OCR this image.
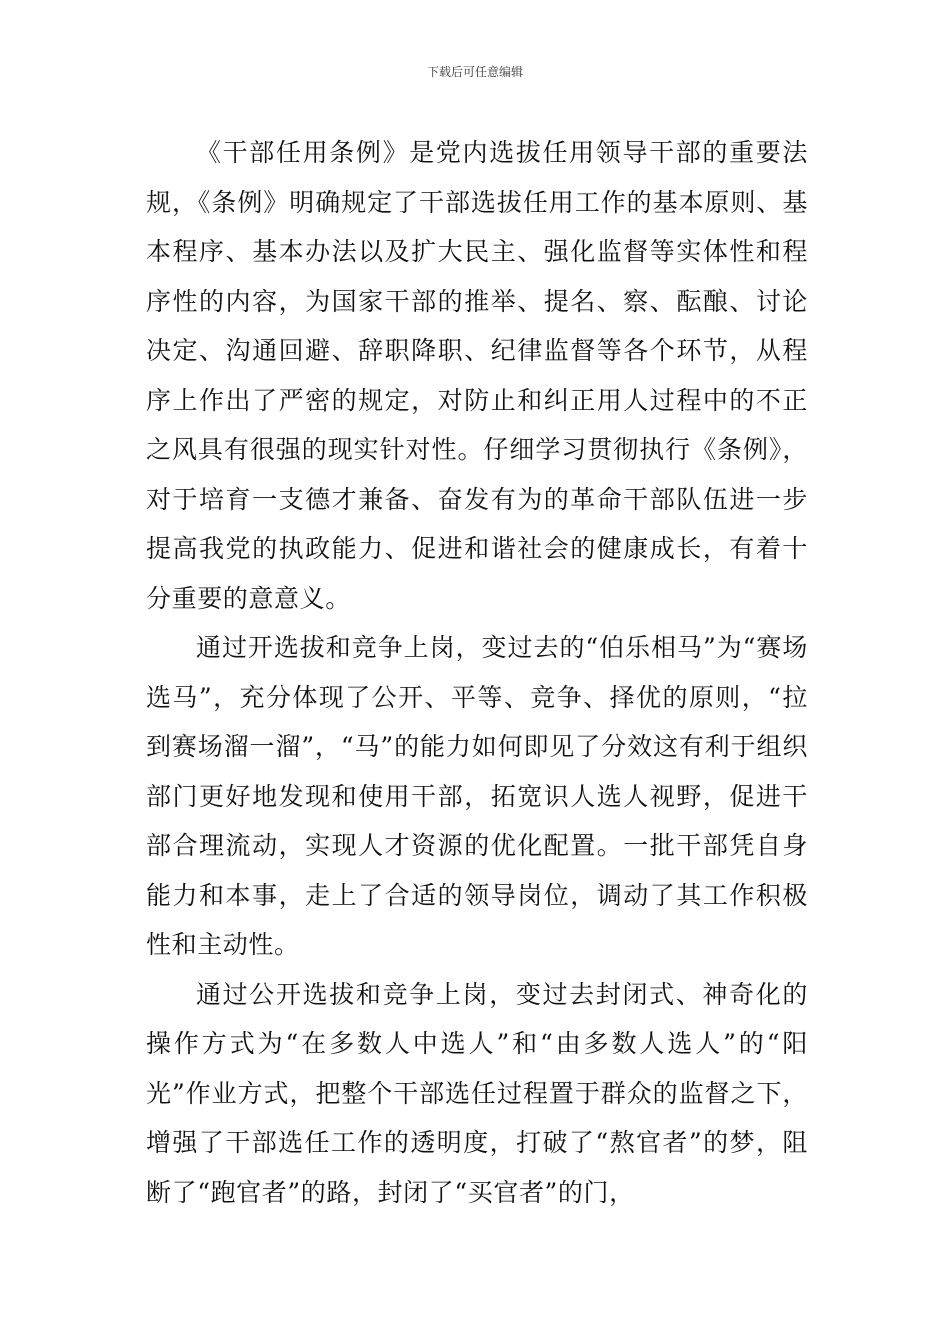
下载后可任意编辑

《干部任用条例》是党内选拔任用领导干部的重要法规，《条例》明确规定了干部选拔任用工作的基本原则、基本程序、基本办法以及扩大民主、强化监督等实体性和程序性的内容，为国家干部的推举、提名、察、酝酿、讨论决定、沟通回避、辞职降职、纪律监督等各个环节，从程序上作出了严密的规定，对防止和纠正用人过程中的不正之风具有很强的现实针对性。仔细学习贯彻执行《条例》，对于培育一支德才兼备、奋发有为的革命干部队伍进一步提高我党的执政能力、促进和谐社会的健康成长，有着十分重要的意意义。

通过开选拔和竞争上岗，变过去的“伯乐相马”为“赛场选马”，充分体现了公开、平等、竞争、择优的原则，“拉到赛场溜一溜”，“马”的能力如何即见了分效这有利于组织部门更好地发现和使用干部，拓宽识人选人视野，促进干部合理流动，实现人才资源的优化配置。一批干部凭自身能力和本事，走上了合适的领导岗位，调动了其工作积极性和主动性。

通过公开选拔和竞争上岗，变过去封闭式、神奇化的操作方式为“在多数人中选人”和“由多数人选人”的“阳光”作业方式，把整个干部选任过程置于群众的监督之下，增强了干部选任工作的透明度，打破了“熬官者”的梦，阻断了“跑官者”的路，封闭了“买官者”的门，
